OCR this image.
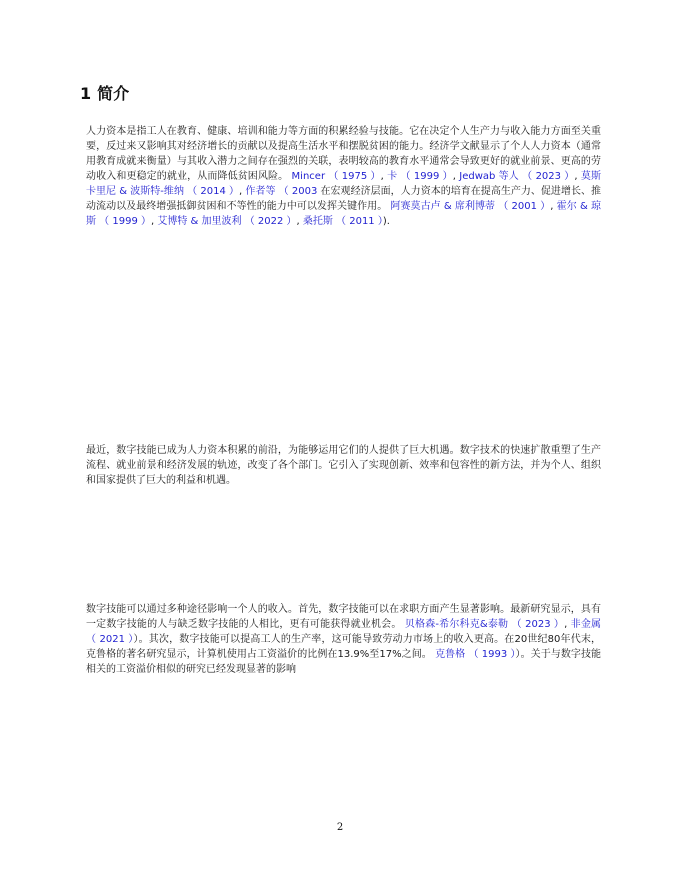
1 简介

人力资本是指工人在教育、健康、培训和能力等方面的积累经验与技能。它在决定个人生产力与收入能力方面至关重要，反过来又影响其对经济增长的贡献以及提高生活水平和摆脱贫困的能力。经济学文献显示了个人人力资本（通常用教育成就来衡量）与其收入潜力之间存在强烈的关联，表明较高的教育水平通常会导致更好的就业前景、更高的劳动收入和更稳定的就业，从而降低贫困风险。 Mincer （ 1975 ）, 卡 （ 1999 ）, Jedwab 等人 （ 2023 ）, 莫斯卡里尼 & 波斯特-维纳 （ 2014 ）, 作者等 （ 2003 在宏观经济层面，人力资本的培育在提高生产力、促进增长、推动流动以及最终增强抵御贫困和不等性的能力中可以发挥关键作用。 阿赛莫古卢 & 席利博蒂 （ 2001 ）, 霍尔 & 琼斯 （ 1999 ）, 艾博特 & 加里波利 （ 2022 ）, 桑托斯 （ 2011 ）).

最近，数字技能已成为人力资本积累的前沿，为能够运用它们的人提供了巨大机遇。数字技术的快速扩散重塑了生产流程、就业前景和经济发展的轨迹，改变了各个部门。它引入了实现创新、效率和包容性的新方法，并为个人、组织和国家提供了巨大的利益和机遇。

数字技能可以通过多种途径影响一个人的收入。首先，数字技能可以在求职方面产生显著影响。最新研究显示，具有一定数字技能的人与缺乏数字技能的人相比，更有可能获得就业机会。 贝格森-希尔科克&泰勒 （ 2023 ）, 非金属 （ 2021 ））。其次，数字技能可以提高工人的生产率，这可能导致劳动力市场上的收入更高。在20世纪80年代末，克鲁格的著名研究显示，计算机使用占工资溢价的比例在13.9%至17%之间。 克鲁格 （ 1993 ））。关于与数字技能相关的工资溢价相似的研究已经发现显著的影响

2
